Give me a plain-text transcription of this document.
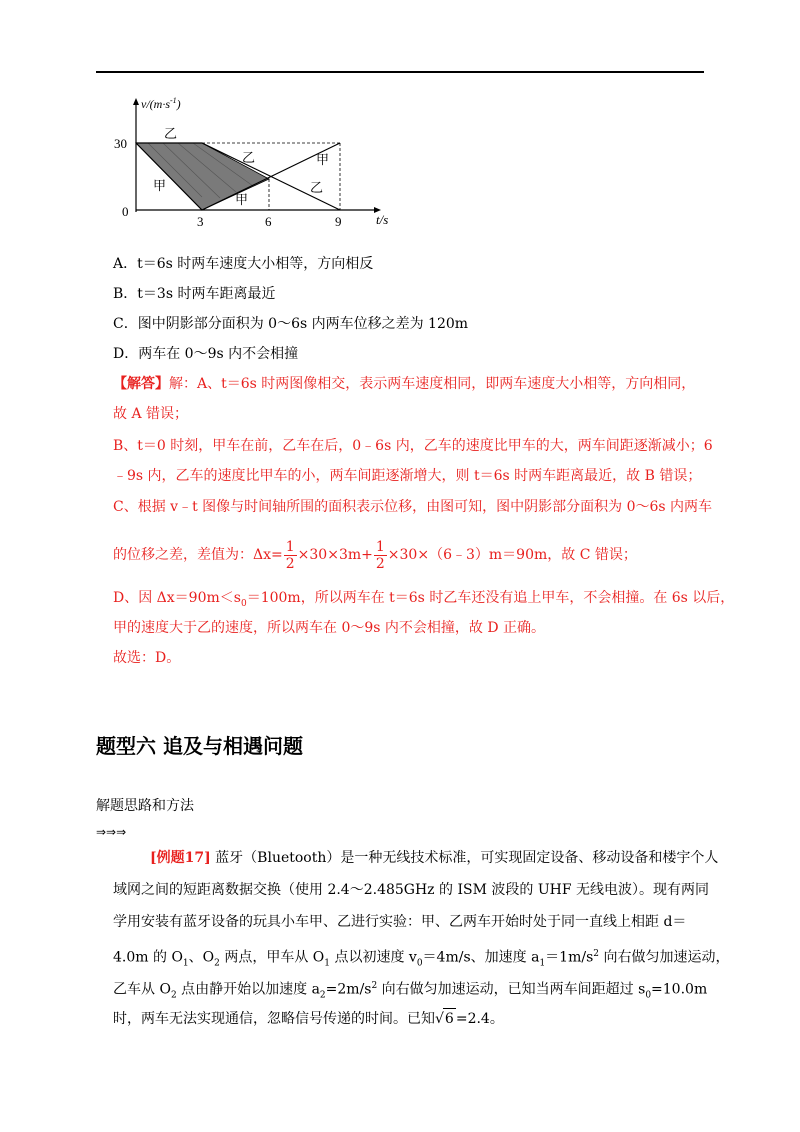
$v/(m\cdot s^{-1})$
t/s
30
0
3	6	9
乙
乙
甲
甲
甲
乙
A．t＝6s 时两车速度大小相等，方向相反
B．t＝3s 时两车距离最近
C．图中阴影部分面积为 0～6s 内两车位移之差为 120m
D．两车在 0～9s 内不会相撞
【解答】解：A、t＝6s 时两图像相交，表示两车速度相同，即两车速度大小相等，方向相同，
故 A 错误；
B、t＝0 时刻，甲车在前，乙车在后，0﹣6s 内，乙车的速度比甲车的大，两车间距逐渐减小；6
﹣9s 内，乙车的速度比甲车的小，两车间距逐渐增大，则 t＝6s 时两车距离最近，故 B 错误；
C、根据 v﹣t 图像与时间轴所围的面积表示位移，由图可知，图中阴影部分面积为 0～6s 内两车
的位移之差，差值为：$\Delta x= \frac{1}{2} \times 30\times 3m+ \frac{1}{2}$ ×30×（6﹣3）m＝90m，故 C 错误；
D、因 $\Delta x=90m<s_0=100m$，所以两车在 t＝6s 时乙车还没有追上甲车，不会相撞。在 6s 以后，
甲的速度大于乙的速度，所以两车在 0～9s 内不会相撞，故 D 正确。
故选：D。
题型六 追及与相遇问题
解题思路和方法
⇒⇒⇒
[例题17] 蓝牙（Bluetooth）是一种无线技术标准，可实现固定设备、移动设备和楼宇个人
域网之间的短距离数据交换（使用 2.4～2.485GHz 的 ISM 波段的 UHF 无线电波）。现有两同
学用安装有蓝牙设备的玩具小车甲、乙进行实验：甲、乙两车开始时处于同一直线上相距 d＝
4.0m 的 $O_1$、$O_2$ 两点，甲车从 $O_1$ 点以初速度 $v_0=4m/s$、加速度 $a_1=1m/s^2$ 向右做匀加速运动，
乙车从 $O_2$ 点由静开始以加速度 $a_2=2m/s^2$ 向右做匀加速运动，已知当两车间距超过 $s_0=10.0m$
时，两车无法实现通信，忽略信号传递的时间。已知√6 =2.4。
